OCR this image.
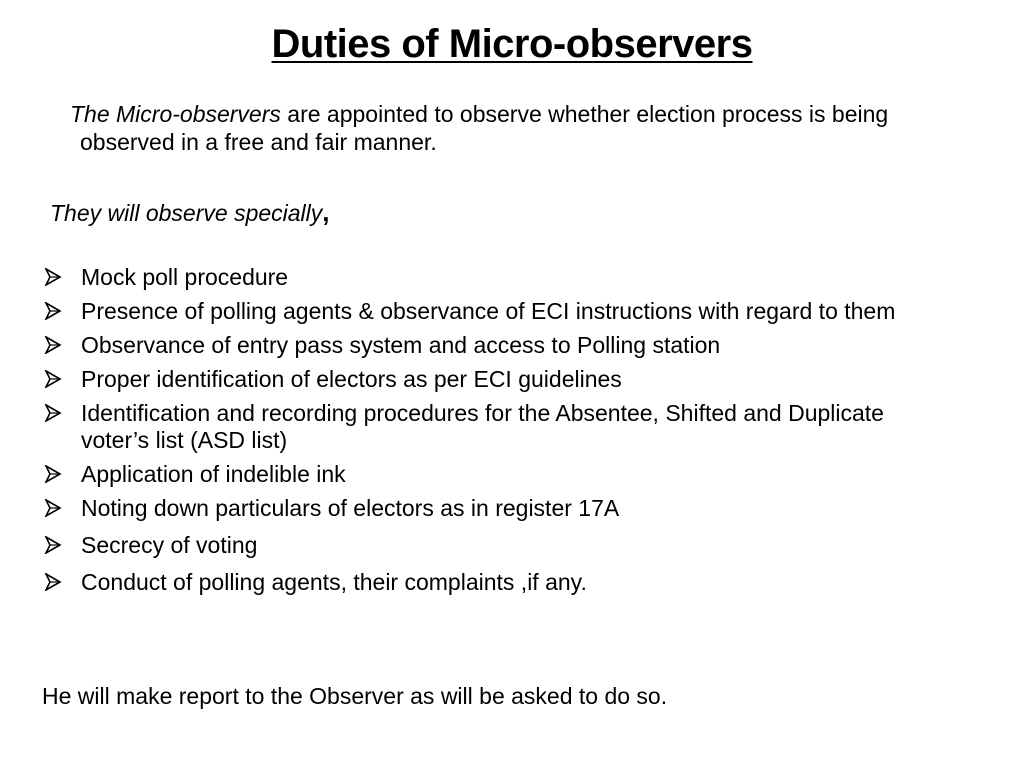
Duties of Micro-observers
The Micro-observers are appointed to observe whether election process is being observed in a free and fair manner.
They will observe specially,
Mock poll procedure
Presence of polling agents & observance of ECI instructions with regard to them
Observance of entry pass system and access to Polling station
Proper identification of electors as per ECI guidelines
Identification and recording procedures for the Absentee, Shifted and Duplicate voter’s list (ASD list)
Application of indelible ink
Noting down particulars of electors as in register 17A
Secrecy of voting
Conduct of polling agents, their complaints ,if any.
He will make report to the Observer as will be asked to do so.
